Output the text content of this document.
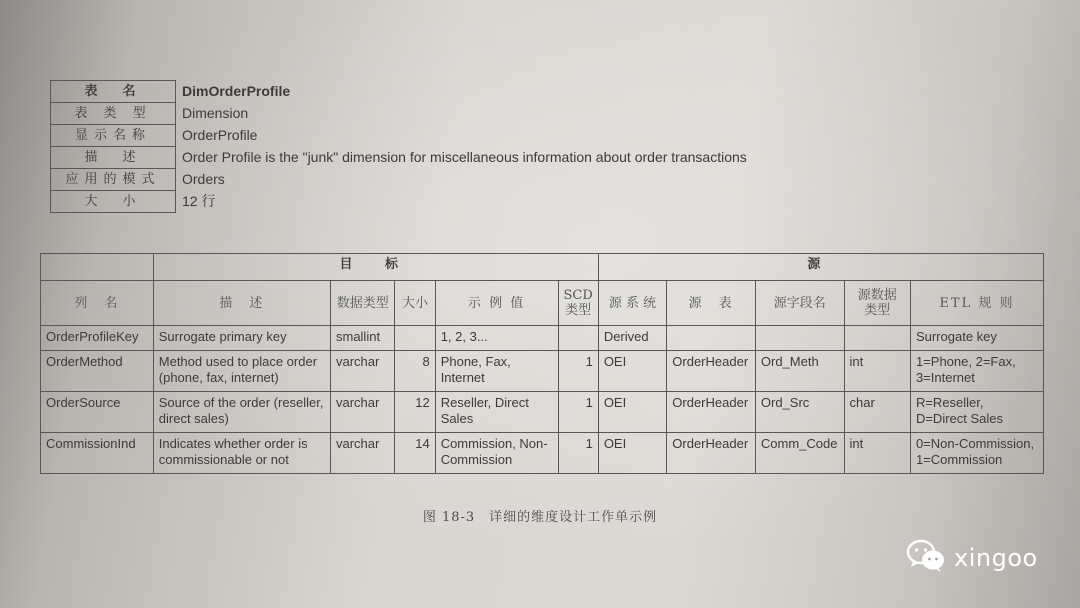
表　名	DimOrderProfile
表 类 型	Dimension
显示名称	OrderProfile
描　述	Order Profile is the "junk" dimension for miscellaneous information about order transactions
应用的模式	Orders
大　小	12 行
	目 标					源				
列　名	描　述	数据类型	大小	示 例 值	SCD 类型	源 系 统	源　表	源字段名	源数据 类型	ETL 规 则
OrderProfileKey	Surrogate primary key	smallint		1, 2, 3...		Derived				Surrogate key
OrderMethod	Method used to place order (phone, fax, internet)	varchar	8	Phone, Fax, Internet	1	OEI	OrderHeader	Ord_Meth	int	1=Phone, 2=Fax, 3=Internet
OrderSource	Source of the order (reseller, direct sales)	varchar	12	Reseller, Direct Sales	1	OEI	OrderHeader	Ord_Src	char	R=Reseller, D=Direct Sales
CommissionInd	Indicates whether order is commissionable or not	varchar	14	Commission, Non-Commission	1	OEI	OrderHeader	Comm_Code	int	0=Non-Commission, 1=Commission
图 18-3　详细的维度设计工作单示例
xingoo
